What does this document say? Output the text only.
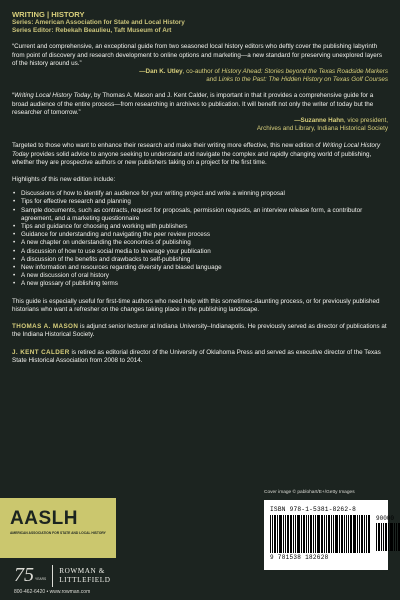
WRITING | HISTORY
Series: American Association for State and Local History
Series Editor: Rebekah Beaulieu, Taft Museum of Art
“Current and comprehensive, an exceptional guide from two seasoned local history editors who deftly cover the publishing labyrinth from point of discovery and research development to online options and marketing—a new standard for preserving unexplored layers of the history around us.”
—Dan K. Utley, co-author of History Ahead: Stories beyond the Texas Roadside Markers
and Links to the Past: The Hidden History on Texas Golf Courses
“Writing Local History Today, by Thomas A. Mason and J. Kent Calder, is important in that it provides a comprehensive guide for a broad audience of the entire process—from researching in archives to publication. It will benefit not only the writer of today but the researcher of tomorrow.”
—Suzanne Hahn, vice president,
Archives and Library, Indiana Historical Society
Targeted to those who want to enhance their research and make their writing more effective, this new edition of Writing Local History Today provides solid advice to anyone seeking to understand and navigate the complex and rapidly changing world of publishing, whether they are prospective authors or new publishers taking on a project for the first time.
Highlights of this new edition include:
• Discussions of how to identify an audience for your writing project and write a winning proposal
• Tips for effective research and planning
• Sample documents, such as contracts, request for proposals, permission requests, an interview release form, a contributor agreement, and a marketing questionnaire
• Tips and guidance for choosing and working with publishers
• Guidance for understanding and navigating the peer review process
• A new chapter on understanding the economics of publishing
• A discussion of how to use social media to leverage your publication
• A discussion of the benefits and drawbacks to self-publishing
• New information and resources regarding diversity and biased language
• A new discussion of oral history
• A new glossary of publishing terms
This guide is especially useful for first-time authors who need help with this sometimes-daunting process, or for previously published historians who want a refresher on the changes taking place in the publishing landscape.
THOMAS A. MASON is adjunct senior lecturer at Indiana University–Indianapolis. He previously served as director of publications at the Indiana Historical Society.
J. KENT CALDER is retired as editorial director of the University of Oklahoma Press and served as executive director of the Texas State Historical Association from 2008 to 2014.
AASLH
AMERICAN ASSOCIATION FOR STATE AND LOCAL HISTORY
75 YEARS
ROWMAN &
LITTLEFIELD
800-462-6420 • www.rowman.com
Cover image © pablohart/E+/Getty Images
ISBN 978-1-5381-8262-8
90000
9 781538 182628
